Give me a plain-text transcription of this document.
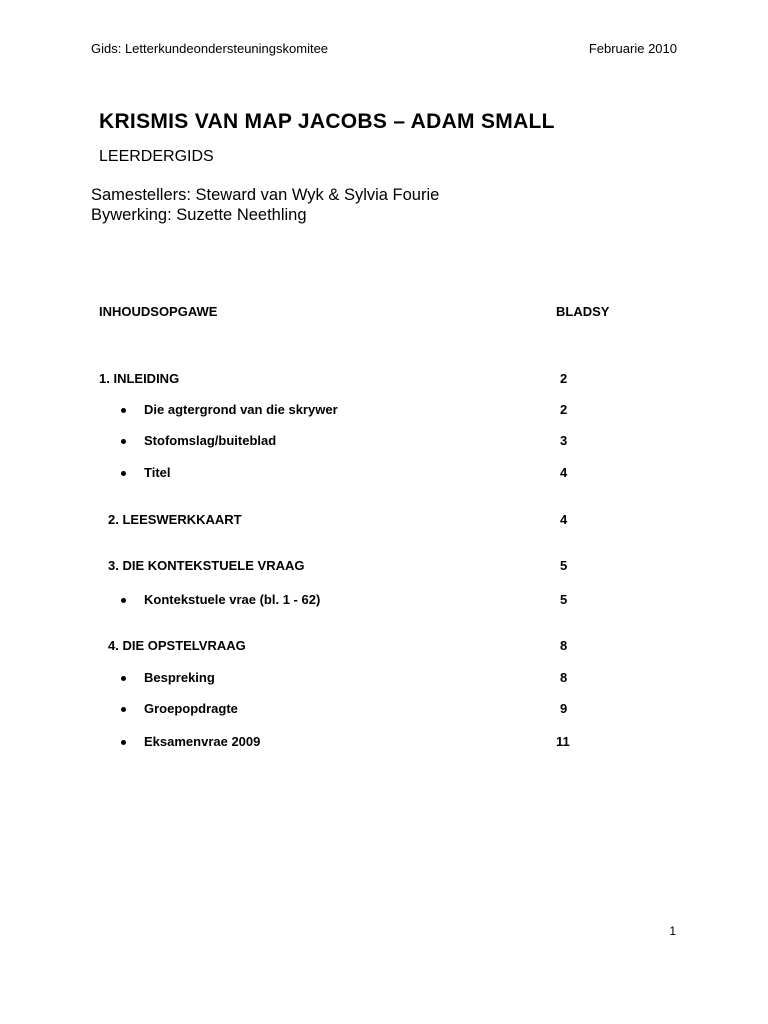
Gids: Letterkundeondersteuningskomitee	Februarie 2010
KRISMIS VAN MAP JACOBS – ADAM SMALL
LEERDERGIDS
Samestellers: Steward van Wyk & Sylvia Fourie
Bywerking: Suzette Neethling
INHOUDSOPGAWE	BLADSY
1. INLEIDING	2
Die agtergrond van die skrywer	2
Stofomslag/buiteblad	3
Titel	4
2. LEESWERKKAART	4
3. DIE KONTEKSTUELE VRAAG	5
Kontekstuele vrae (bl. 1 - 62)	5
4. DIE OPSTELVRAAG	8
Bespreking	8
Groepopdragte	9
Eksamenvrae 2009	11
1
